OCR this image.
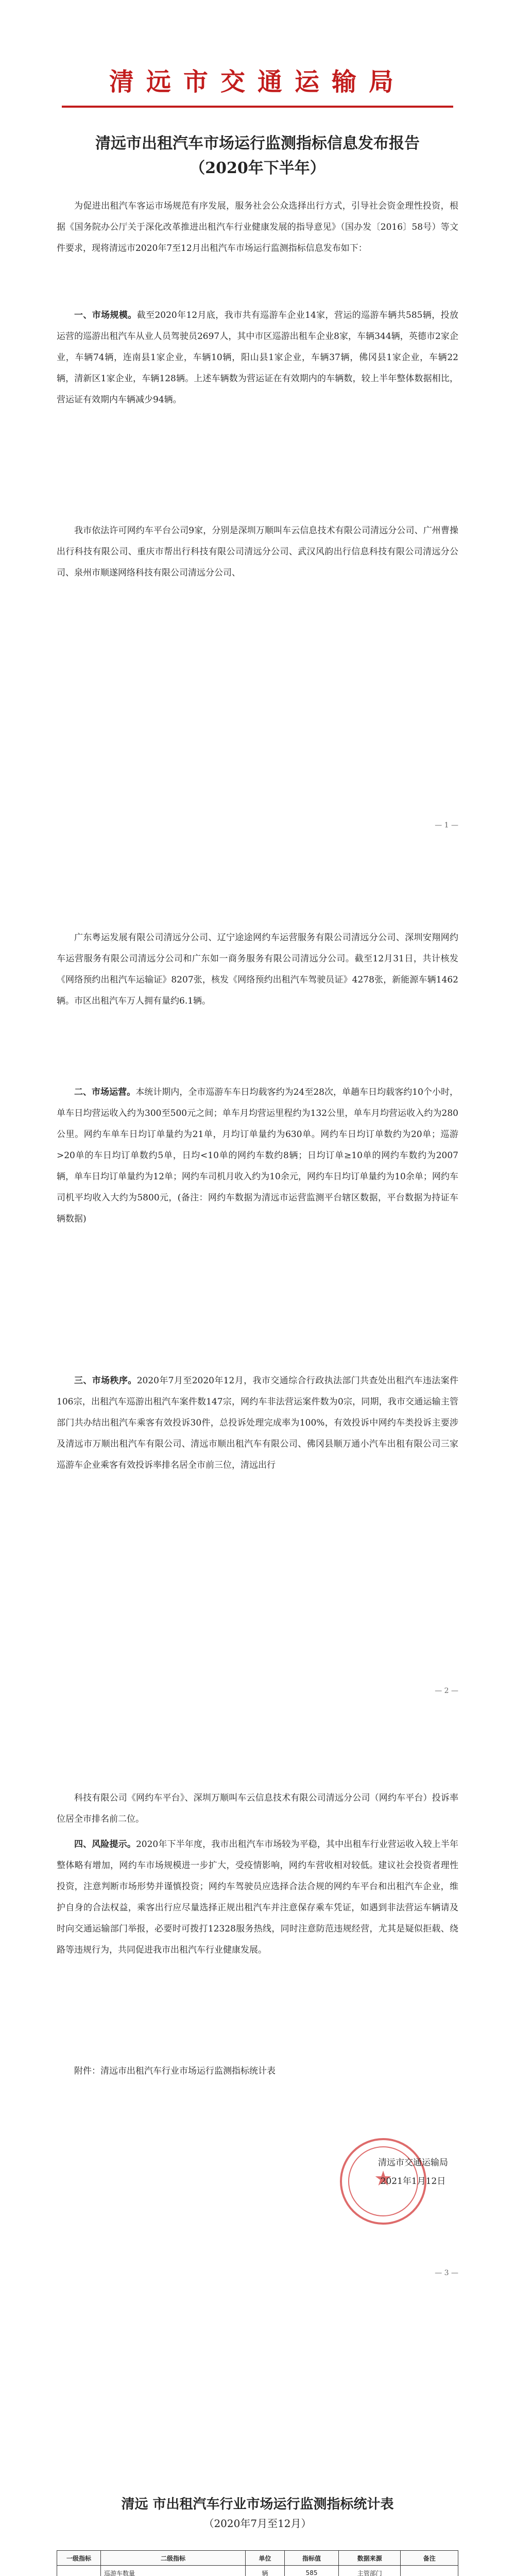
清远市交通运输局
清远市出租汽车市场运行监测指标信息发布报告（2020年下半年）
为促进出租汽车客运市场规范有序发展，服务社会公众选择出行方式，引导社会资金理性投资，根据《国务院办公厅关于深化改革推进出租汽车行业健康发展的指导意见》（国办发〔2016〕58号）等文件要求，现将清远市2020年7至12月出租汽车市场运行监测指标信息发布如下：
一、市场规模。截至2020年12月底，我市共有巡游车企业14家，营运的巡游车辆共585辆，投放运营的巡游出租汽车从业人员驾驶员2697人，其中市区巡游出租车企业8家，车辆344辆，英德市2家企业，车辆74辆，连南县1家企业，车辆10辆，阳山县1家企业，车辆37辆，佛冈县1家企业，车辆22辆，清新区1家企业，车辆128辆。上述车辆数为营运证在有效期内的车辆数，较上半年整体数据相比，营运证有效期内车辆减少94辆。
我市依法许可网约车平台公司9家，分别是深圳万顺叫车云信息技术有限公司清远分公司、广州曹操出行科技有限公司、重庆市帮出行科技有限公司清远分公司、武汉风韵出行信息科技有限公司清远分公司、泉州市顺遂网络科技有限公司清远分公司、
— 1 —
广东粤运发展有限公司清远分公司、辽宁途途网约车运营服务有限公司清远分公司、深圳安翔网约车运营服务有限公司清远分公司和广东如一商务服务有限公司清远分公司。截至12月31日，共计核发《网络预约出租汽车运输证》8207张，核发《网络预约出租汽车驾驶员证》4278张，新能源车辆1462辆。市区出租汽车万人拥有量约6.1辆。
二、市场运营。本统计期内，全市巡游车车日均载客约为24至28次，单趟车日均载客约10个小时，单车日均营运收入约为300至500元之间；单车月均营运里程约为132公里，单车月均营运收入约为280公里。网约车单车日均订单量约为21单，月均订单量约为630单。网约车日均订单数约为20单；巡游>20单的车日均订单数约5单，日均<10单的网约车数约8辆；日均订单≥10单的网约车数约为2007辆，单车日均订单量约为12单；网约车司机月收入约为10余元，网约车日均订单量约为10余单；网约车司机平均收入大约为5800元，(备注：网约车数据为清远市运营监测平台辖区数据，平台数据为持证车辆数据)
三、市场秩序。2020年7月至2020年12月，我市交通综合行政执法部门共查处出租汽车违法案件106宗，出租汽车巡游出租汽车案件数147宗，网约车非法营运案件数为0宗，同期，我市交通运输主管部门共办结出租汽车乘客有效投诉30件，总投诉处理完成率为100%，有效投诉中网约车类投诉主要涉及清远市万顺出租汽车有限公司、清远市顺出租汽车有限公司、佛冈县顺万通小汽车出租有限公司三家巡游车企业乘客有效投诉率排名居全市前三位，清远出行
— 2 —
科技有限公司《网约车平台》、深圳万顺叫车云信息技术有限公司清远分公司（网约车平台）投诉率位居全市排名前二位。
四、风险提示。2020年下半年度，我市出租汽车市场较为平稳，其中出租车行业营运收入较上半年整体略有增加，网约车市场规模进一步扩大，受疫情影响，网约车营收相对较低。建议社会投资者理性投资，注意判断市场形势并谨慎投资；网约车驾驶员应选择合法合规的网约车平台和出租汽车企业，维护自身的合法权益，乘客出行应尽量选择正规出租汽车并注意保存乘车凭证，如遇到非法营运车辆请及时向交通运输部门举报，必要时可拨打12328服务热线，同时注意防范违规经营，尤其是疑似拒载、绕路等违规行为，共同促进我市出租汽车行业健康发展。
附件：清远市出租汽车行业市场运行监测指标统计表
★
清远市交通运输局
2021年1月12日
— 3 —
清远 市出租汽车行业市场运行监测指标统计表
（2020年7月至12月）
一级指标	二级指标	单位	指标值	数据来源	备注
	巡游车数量	辆	585	主管部门	
